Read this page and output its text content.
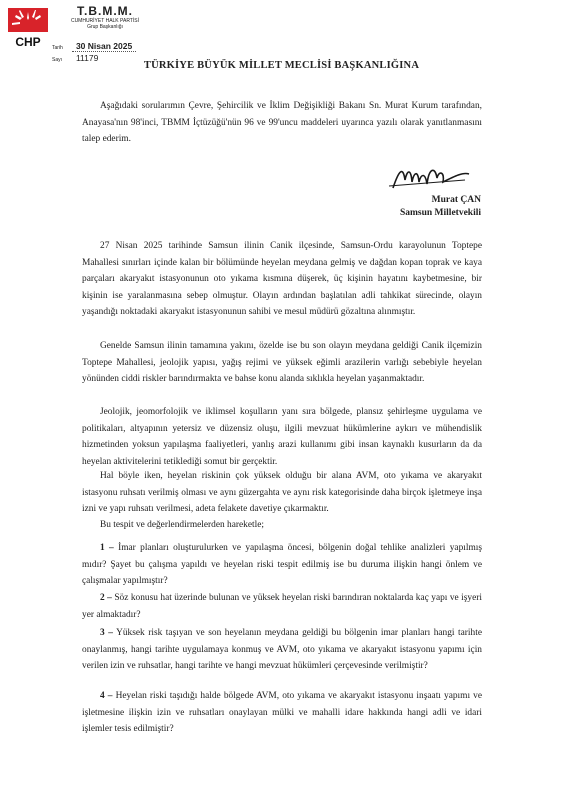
CHP
T.B.M.M.
CUMHURİYET HALK PARTİSİ
Grup Başkanlığı
Tarih 30 Nisan 2025
Sayı 11179
TÜRKİYE BÜYÜK MİLLET MECLİSİ BAŞKANLIĞINA

Aşağıdaki sorularımın Çevre, Şehircilik ve İklim Değişikliği Bakanı Sn. Murat Kurum tarafından, Anayasa'nın 98'inci, TBMM İçtüzüğü'nün 96 ve 99'uncu maddeleri uyarınca yazılı olarak yanıtlanmasını talep ederim.

Murat ÇAN
Samsun Milletvekili

27 Nisan 2025 tarihinde Samsun ilinin Canik ilçesinde, Samsun-Ordu karayolunun Toptepe Mahallesi sınırları içinde kalan bir bölümünde heyelan meydana gelmiş ve dağdan kopan toprak ve kaya parçaları akaryakıt istasyonunun oto yıkama kısmına düşerek, üç kişinin hayatını kaybetmesine, bir kişinin ise yaralanmasına sebep olmuştur. Olayın ardından başlatılan adli tahkikat sürecinde, olayın yaşandığı noktadaki akaryakıt istasyonunun sahibi ve mesul müdürü gözaltına alınmıştır.

Genelde Samsun ilinin tamamına yakını, özelde ise bu son olayın meydana geldiği Canik ilçemizin Toptepe Mahallesi, jeolojik yapısı, yağış rejimi ve yüksek eğimli arazilerin varlığı sebebiyle heyelan yönünden ciddi riskler barındırmakta ve bahse konu alanda sıklıkla heyelan yaşanmaktadır.

Jeolojik, jeomorfolojik ve iklimsel koşulların yanı sıra bölgede, plansız şehirleşme uygulama ve politikaları, altyapının yetersiz ve düzensiz oluşu, ilgili mevzuat hükümlerine aykırı ve mühendislik hizmetinden yoksun yapılaşma faaliyetleri, yanlış arazi kullanımı gibi insan kaynaklı kusurların da da heyelan aktivitelerini tetiklediği somut bir gerçektir.

Hal böyle iken, heyelan riskinin çok yüksek olduğu bir alana AVM, oto yıkama ve akaryakıt istasyonu ruhsatı verilmiş olması ve aynı güzergahta ve aynı risk kategorisinde daha birçok işletmeye inşa izni ve yapı ruhsatı verilmesi, adeta felakete davetiye çıkarmaktır.

Bu tespit ve değerlendirmelerden hareketle;

1 – İmar planları oluşturulurken ve yapılaşma öncesi, bölgenin doğal tehlike analizleri yapılmış mıdır? Şayet bu çalışma yapıldı ve heyelan riski tespit edilmiş ise bu duruma ilişkin hangi önlem ve çalışmalar yapılmıştır?

2 – Söz konusu hat üzerinde bulunan ve yüksek heyelan riski barındıran noktalarda kaç yapı ve işyeri yer almaktadır?

3 – Yüksek risk taşıyan ve son heyelanın meydana geldiği bu bölgenin imar planları hangi tarihte onaylanmış, hangi tarihte uygulamaya konmuş ve AVM, oto yıkama ve akaryakıt istasyonu yapımı için verilen izin ve ruhsatlar, hangi tarihte ve hangi mevzuat hükümleri çerçevesinde verilmiştir?

4 – Heyelan riski taşıdığı halde bölgede AVM, oto yıkama ve akaryakıt istasyonu inşaatı yapımı ve işletmesine ilişkin izin ve ruhsatları onaylayan mülki ve mahalli idare hakkında hangi adli ve idari işlemler tesis edilmiştir?
